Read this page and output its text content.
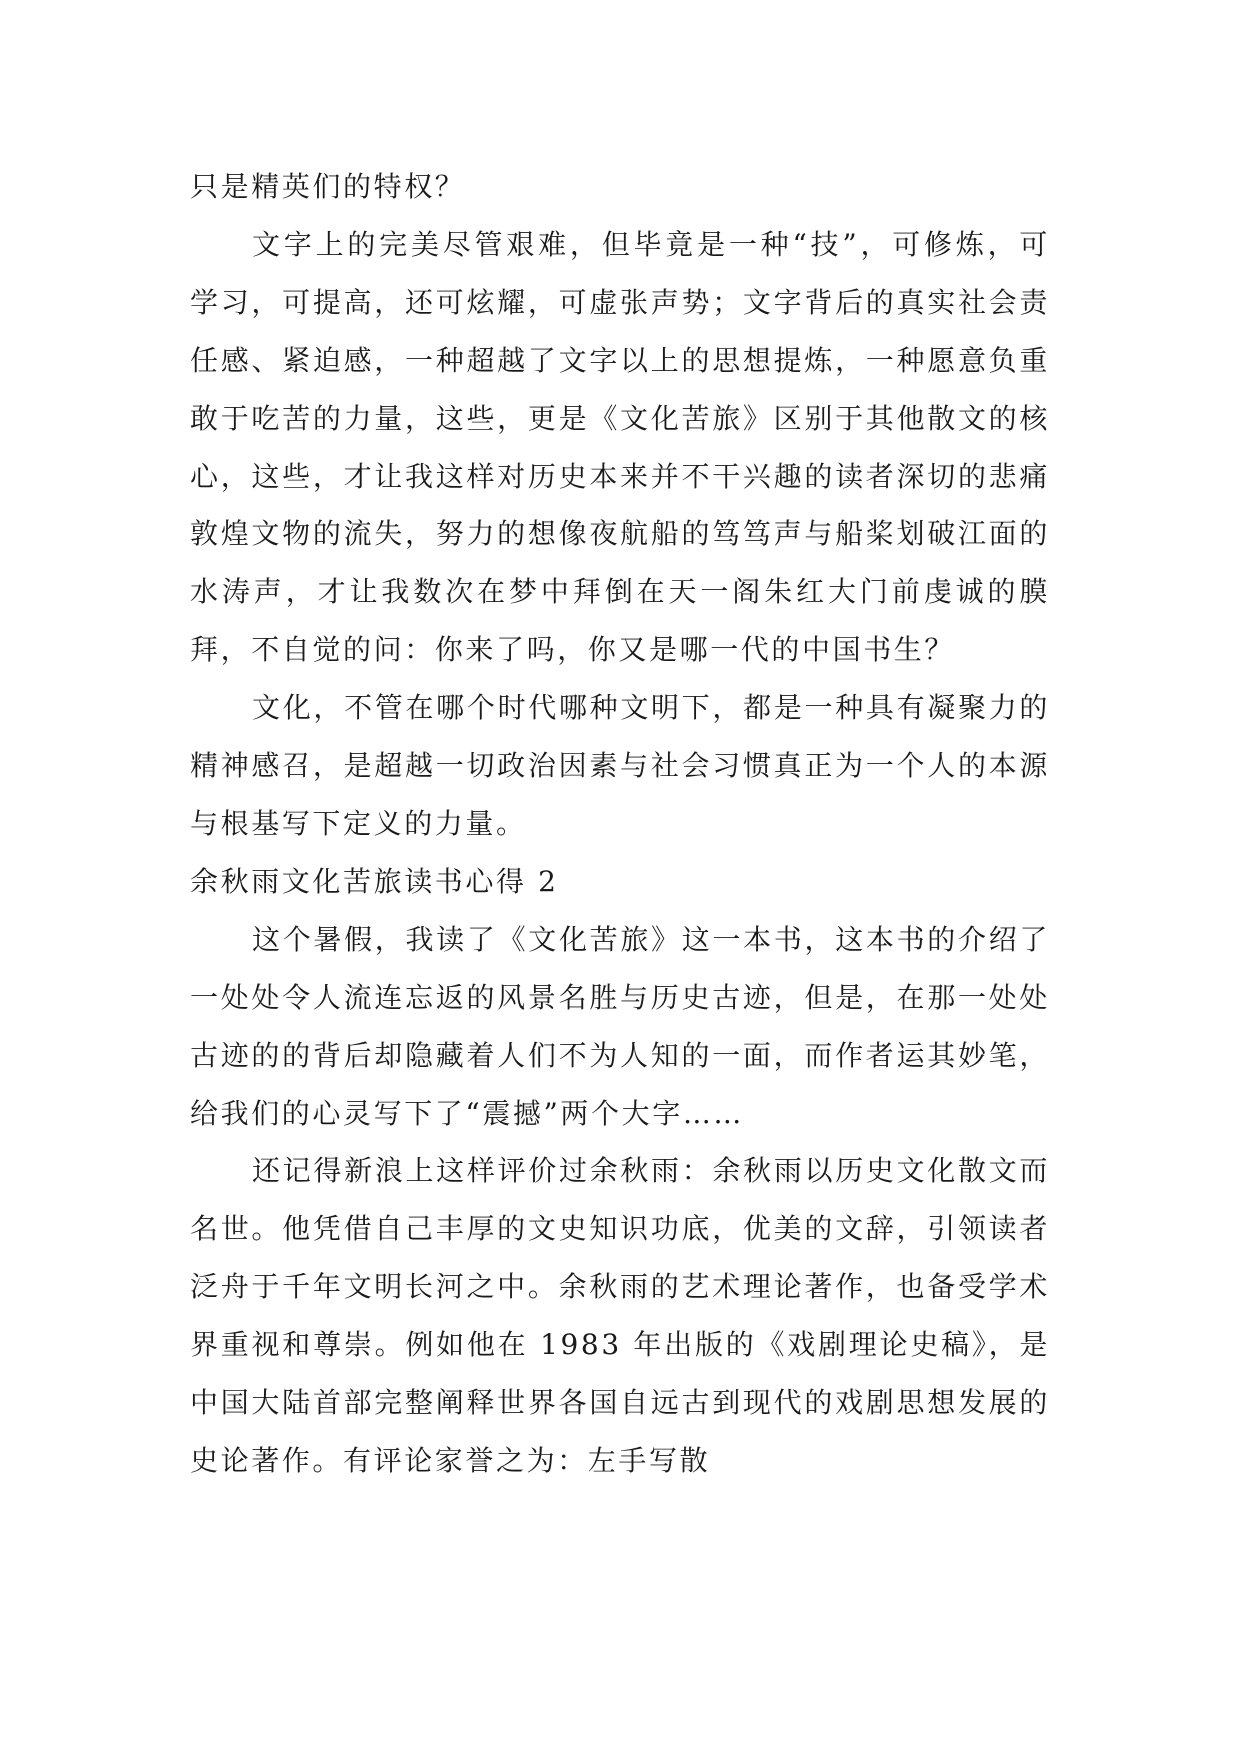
只是精英们的特权？

文字上的完美尽管艰难，但毕竟是一种“技”，可修炼，可学习，可提高，还可炫耀，可虚张声势；文字背后的真实社会责任感、紧迫感，一种超越了文字以上的思想提炼，一种愿意负重敢于吃苦的力量，这些，更是《文化苦旅》区别于其他散文的核心，这些，才让我这样对历史本来并不干兴趣的读者深切的悲痛敦煌文物的流失，努力的想像夜航船的笃笃声与船桨划破江面的水涛声，才让我数次在梦中拜倒在天一阁朱红大门前虔诚的膜拜，不自觉的问：你来了吗，你又是哪一代的中国书生？

文化，不管在哪个时代哪种文明下，都是一种具有凝聚力的精神感召，是超越一切政治因素与社会习惯真正为一个人的本源与根基写下定义的力量。

余秋雨文化苦旅读书心得 2

这个暑假，我读了《文化苦旅》这一本书，这本书的介绍了一处处令人流连忘返的风景名胜与历史古迹，但是，在那一处处古迹的的背后却隐藏着人们不为人知的一面，而作者运其妙笔，给我们的心灵写下了“震撼”两个大字……

还记得新浪上这样评价过余秋雨：余秋雨以历史文化散文而名世。他凭借自己丰厚的文史知识功底，优美的文辞，引领读者泛舟于千年文明长河之中。余秋雨的艺术理论著作，也备受学术界重视和尊崇。例如他在 1983 年出版的《戏剧理论史稿》，是中国大陆首部完整阐释世界各国自远古到现代的戏剧思想发展的史论著作。有评论家誉之为：左手写散
